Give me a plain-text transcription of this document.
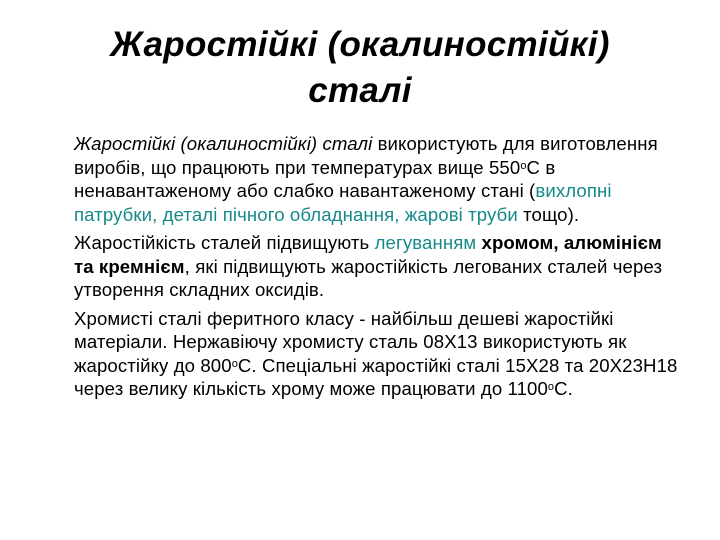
Жаростійкі (окалиностійкі)
сталі

Жаростійкі (окалиностійкі) сталі використують для виготовлення виробів, що працюють при температурах вище $550^оС$ в ненавантаженому або слабко навантаженому стані (вихлопні патрубки, деталі пічного обладнання, жарові труби тощо).

Жаростійкість сталей підвищують легуванням хромом, алюмінієм та кремнієм, які підвищують жаростійкість легованих сталей через утворення складних оксидів.

Хромисті сталі феритного класу - найбільш дешеві жаростійкі матеріали. Нержавіючу хромисту сталь 08Х13 використують як жаростійку до $800^оС$. Спеціальні жаростійкі сталі 15Х28 та 20Х23Н18 через велику кількість хрому може працювати до $1100^оС$.
